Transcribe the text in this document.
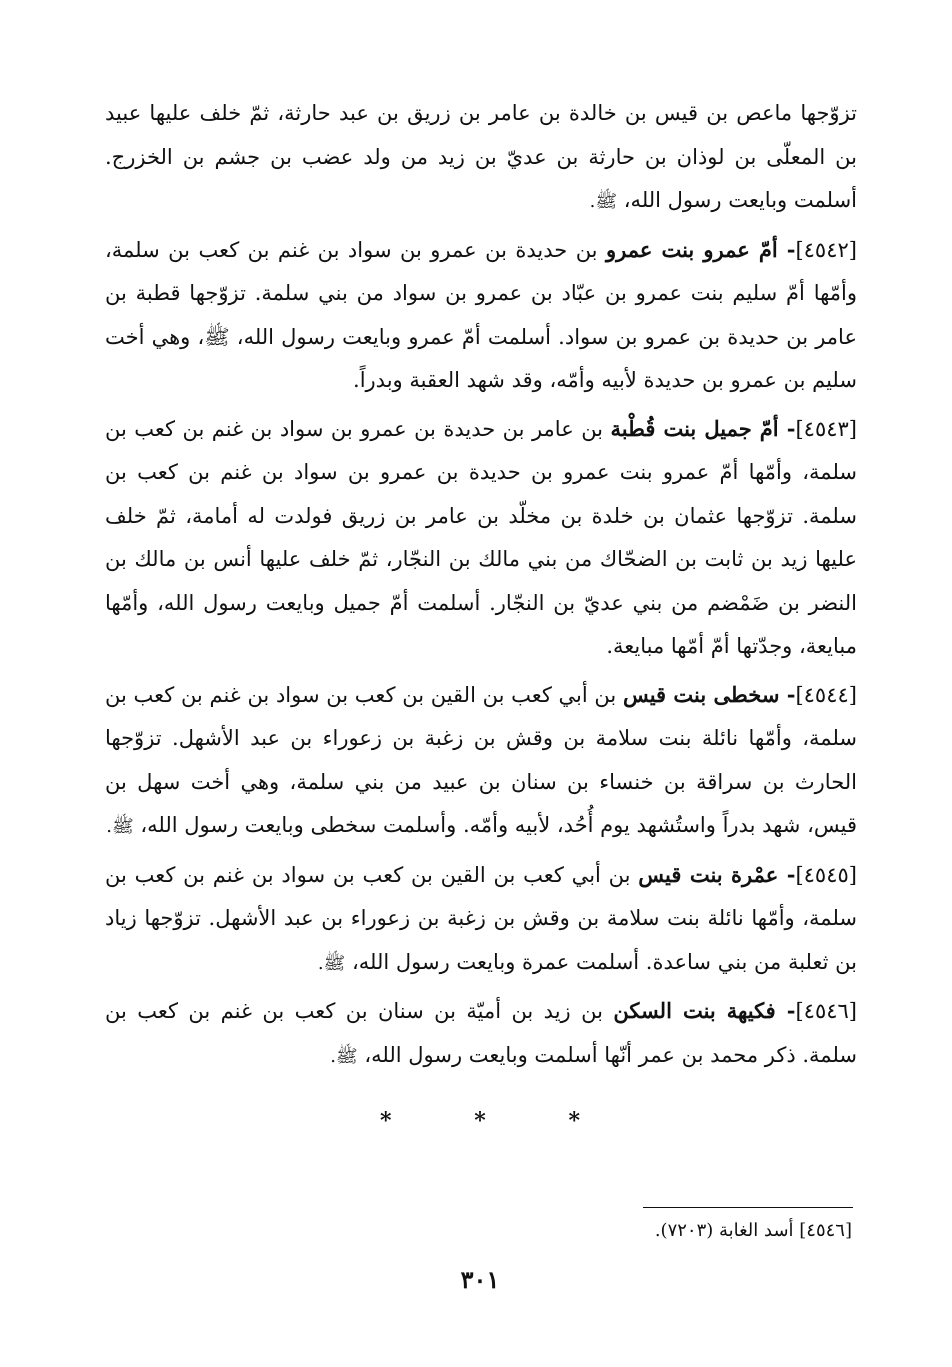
تزوّجها ماعص بن قيس بن خالدة بن عامر بن زريق بن عبد حارثة، ثمّ خلف عليها عبيد بن المعلّى بن لوذان بن حارثة بن عديّ بن زيد من ولد عضب بن جشم بن الخزرج. أسلمت وبايعت رسول الله، ﷺ.

[٤٥٤٢]- أمّ عمرو بنت عمرو بن حديدة بن عمرو بن سواد بن غنم بن كعب بن سلمة، وأمّها أمّ سليم بنت عمرو بن عبّاد بن عمرو بن سواد من بني سلمة. تزوّجها قطبة بن عامر بن حديدة بن عمرو بن سواد. أسلمت أمّ عمرو وبايعت رسول الله، ﷺ، وهي أخت سليم بن عمرو بن حديدة لأبيه وأمّه، وقد شهد العقبة وبدراً.

[٤٥٤٣]- أمّ جميل بنت قُطْبة بن عامر بن حديدة بن عمرو بن سواد بن غنم بن كعب بن سلمة، وأمّها أمّ عمرو بنت عمرو بن حديدة بن عمرو بن سواد بن غنم بن كعب بن سلمة. تزوّجها عثمان بن خلدة بن مخلّد بن عامر بن زريق فولدت له أمامة، ثمّ خلف عليها زيد بن ثابت بن الضحّاك من بني مالك بن النجّار، ثمّ خلف عليها أنس بن مالك بن النضر بن ضَمْضم من بني عديّ بن النجّار. أسلمت أمّ جميل وبايعت رسول الله، وأمّها مبايعة، وجدّتها أمّ أمّها مبايعة.

[٤٥٤٤]- سخطى بنت قيس بن أبي كعب بن القين بن كعب بن سواد بن غنم بن كعب بن سلمة، وأمّها نائلة بنت سلامة بن وقش بن زغبة بن زعوراء بن عبد الأشهل. تزوّجها الحارث بن سراقة بن خنساء بن سنان بن عبيد من بني سلمة، وهي أخت سهل بن قيس، شهد بدراً واستُشهد يوم أُحُد، لأبيه وأمّه. وأسلمت سخطى وبايعت رسول الله، ﷺ.

[٤٥٤٥]- عمْرة بنت قيس بن أبي كعب بن القين بن كعب بن سواد بن غنم بن كعب بن سلمة، وأمّها نائلة بنت سلامة بن وقش بن زغبة بن زعوراء بن عبد الأشهل. تزوّجها زياد بن ثعلبة من بني ساعدة. أسلمت عمرة وبايعت رسول الله، ﷺ.

[٤٥٤٦]- فكيهة بنت السكن بن زيد بن أميّة بن سنان بن كعب بن غنم بن كعب بن سلمة. ذكر محمد بن عمر أنّها أسلمت وبايعت رسول الله، ﷺ.

*	*	*
[٤٥٤٦] أسد الغابة (٧٢٠٣).
٣٠١
